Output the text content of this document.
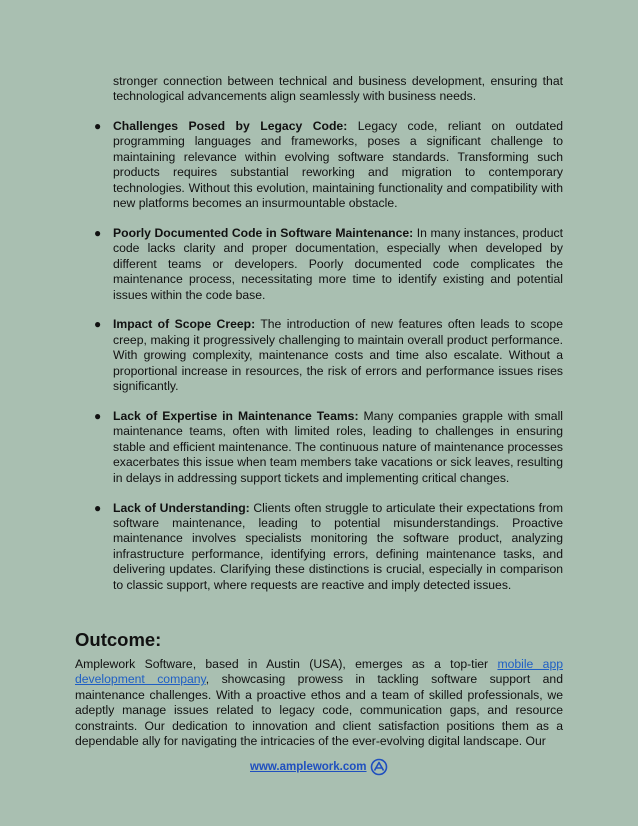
stronger connection between technical and business development, ensuring that technological advancements align seamlessly with business needs.

● Challenges Posed by Legacy Code: Legacy code, reliant on outdated programming languages and frameworks, poses a significant challenge to maintaining relevance within evolving software standards. Transforming such products requires substantial reworking and migration to contemporary technologies. Without this evolution, maintaining functionality and compatibility with new platforms becomes an insurmountable obstacle.
● Poorly Documented Code in Software Maintenance: In many instances, product code lacks clarity and proper documentation, especially when developed by different teams or developers. Poorly documented code complicates the maintenance process, necessitating more time to identify existing and potential issues within the code base.
● Impact of Scope Creep: The introduction of new features often leads to scope creep, making it progressively challenging to maintain overall product performance. With growing complexity, maintenance costs and time also escalate. Without a proportional increase in resources, the risk of errors and performance issues rises significantly.
● Lack of Expertise in Maintenance Teams: Many companies grapple with small maintenance teams, often with limited roles, leading to challenges in ensuring stable and efficient maintenance. The continuous nature of maintenance processes exacerbates this issue when team members take vacations or sick leaves, resulting in delays in addressing support tickets and implementing critical changes.
● Lack of Understanding: Clients often struggle to articulate their expectations from software maintenance, leading to potential misunderstandings. Proactive maintenance involves specialists monitoring the software product, analyzing infrastructure performance, identifying errors, defining maintenance tasks, and delivering updates. Clarifying these distinctions is crucial, especially in comparison to classic support, where requests are reactive and imply detected issues.
Outcome:

Amplework Software, based in Austin (USA), emerges as a top-tier mobile app development company, showcasing prowess in tackling software support and maintenance challenges. With a proactive ethos and a team of skilled professionals, we adeptly manage issues related to legacy code, communication gaps, and resource constraints. Our dedication to innovation and client satisfaction positions them as a dependable ally for navigating the intricacies of the ever-evolving digital landscape. Our

www.amplework.com
